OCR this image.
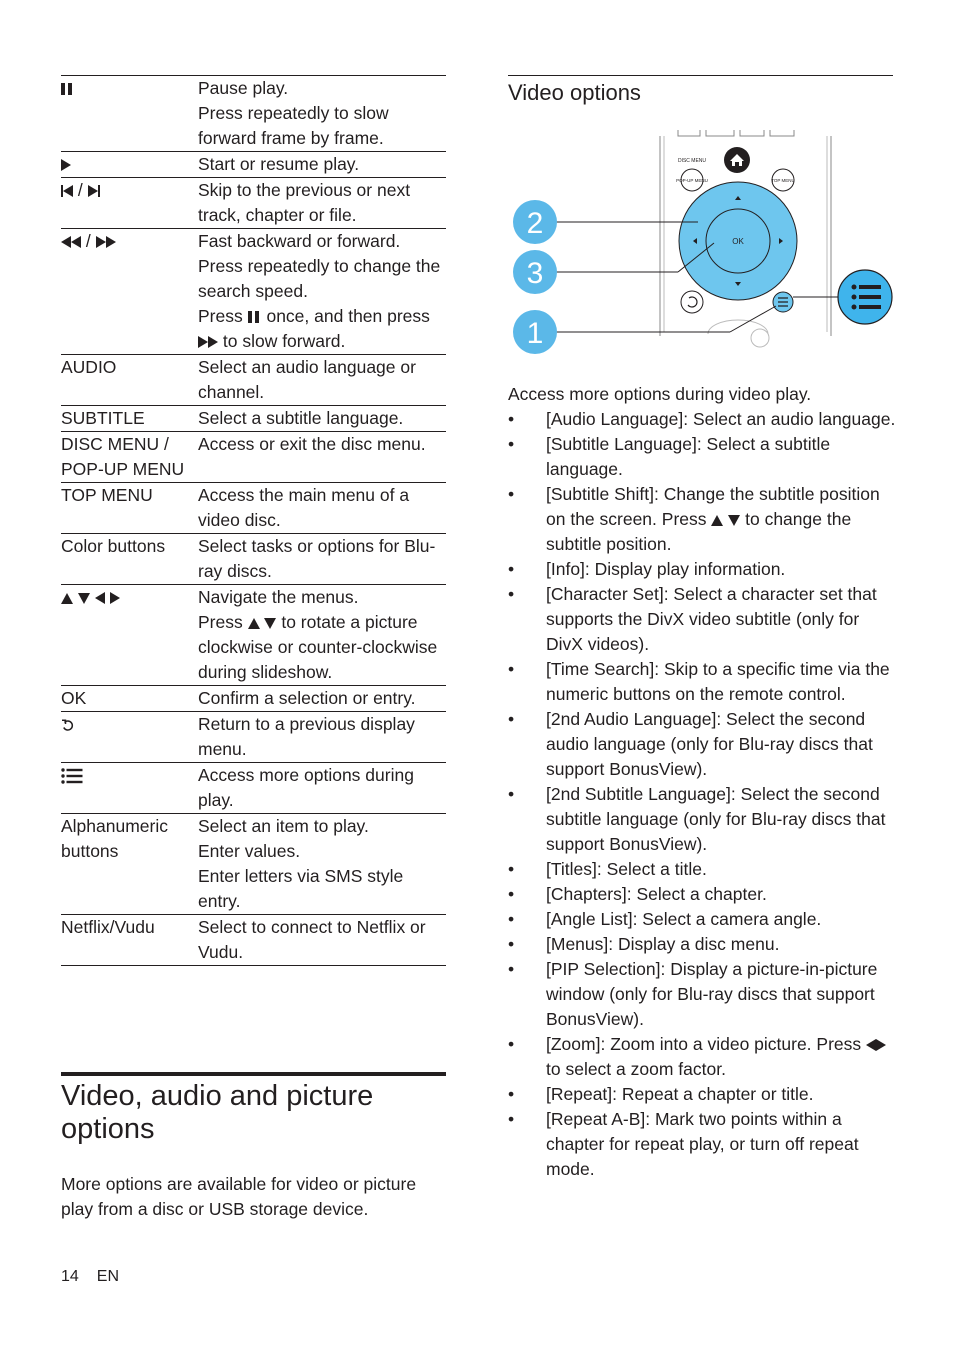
	Pause play.
Press repeatedly to slow forward frame by frame.

	Start or resume play.

/	Skip to the previous or next track, chapter or file.

/	Fast backward or forward.
Press repeatedly to change the search speed.
Press  once, and then press
to slow forward.

AUDIO	Select an audio language or channel.

SUBTITLE	Select a subtitle language.

DISC MENU / POP-UP MENU	Access or exit the disc menu.

TOP MENU	Access the main menu of a video disc.

Color buttons	Select tasks or options for Blu-ray discs.

	Navigate the menus.
Press   to rotate a picture clockwise or counter-clockwise during slideshow.

OK	Confirm a selection or entry.

Return to a previous display menu.

Access more options during play.

Alphanumeric buttons	Select an item to play.
Enter values.
Enter letters via SMS style entry.

Netflix/Vudu	Select to connect to Netflix or Vudu.
Video, audio and picture options
More options are available for video or picture play from a disc or USB storage device.
Video options
DISC MENU
POP-UP MENU	TOP MENU
OK
2
3
1
Access more options during video play.
• [Audio Language]: Select an audio language.
• [Subtitle Language]: Select a subtitle language.
• [Subtitle Shift]: Change the subtitle position on the screen. Press   to change the subtitle position.
• [Info]: Display play information.
• [Character Set]: Select a character set that supports the DivX video subtitle (only for DivX videos).
• [Time Search]: Skip to a specific time via the numeric buttons on the remote control.
• [2nd Audio Language]: Select the second audio language (only for Blu-ray discs that support BonusView).
• [2nd Subtitle Language]: Select the second subtitle language (only for Blu-ray discs that support BonusView).
• [Titles]: Select a title.
• [Chapters]: Select a chapter.
• [Angle List]: Select a camera angle.
• [Menus]: Display a disc menu.
• [PIP Selection]: Display a picture-in-picture window (only for Blu-ray discs that support BonusView).
• [Zoom]: Zoom into a video picture. Press  to select a zoom factor.
• [Repeat]: Repeat a chapter or title.
• [Repeat A-B]: Mark two points within a chapter for repeat play, or turn off repeat mode.
14 EN
